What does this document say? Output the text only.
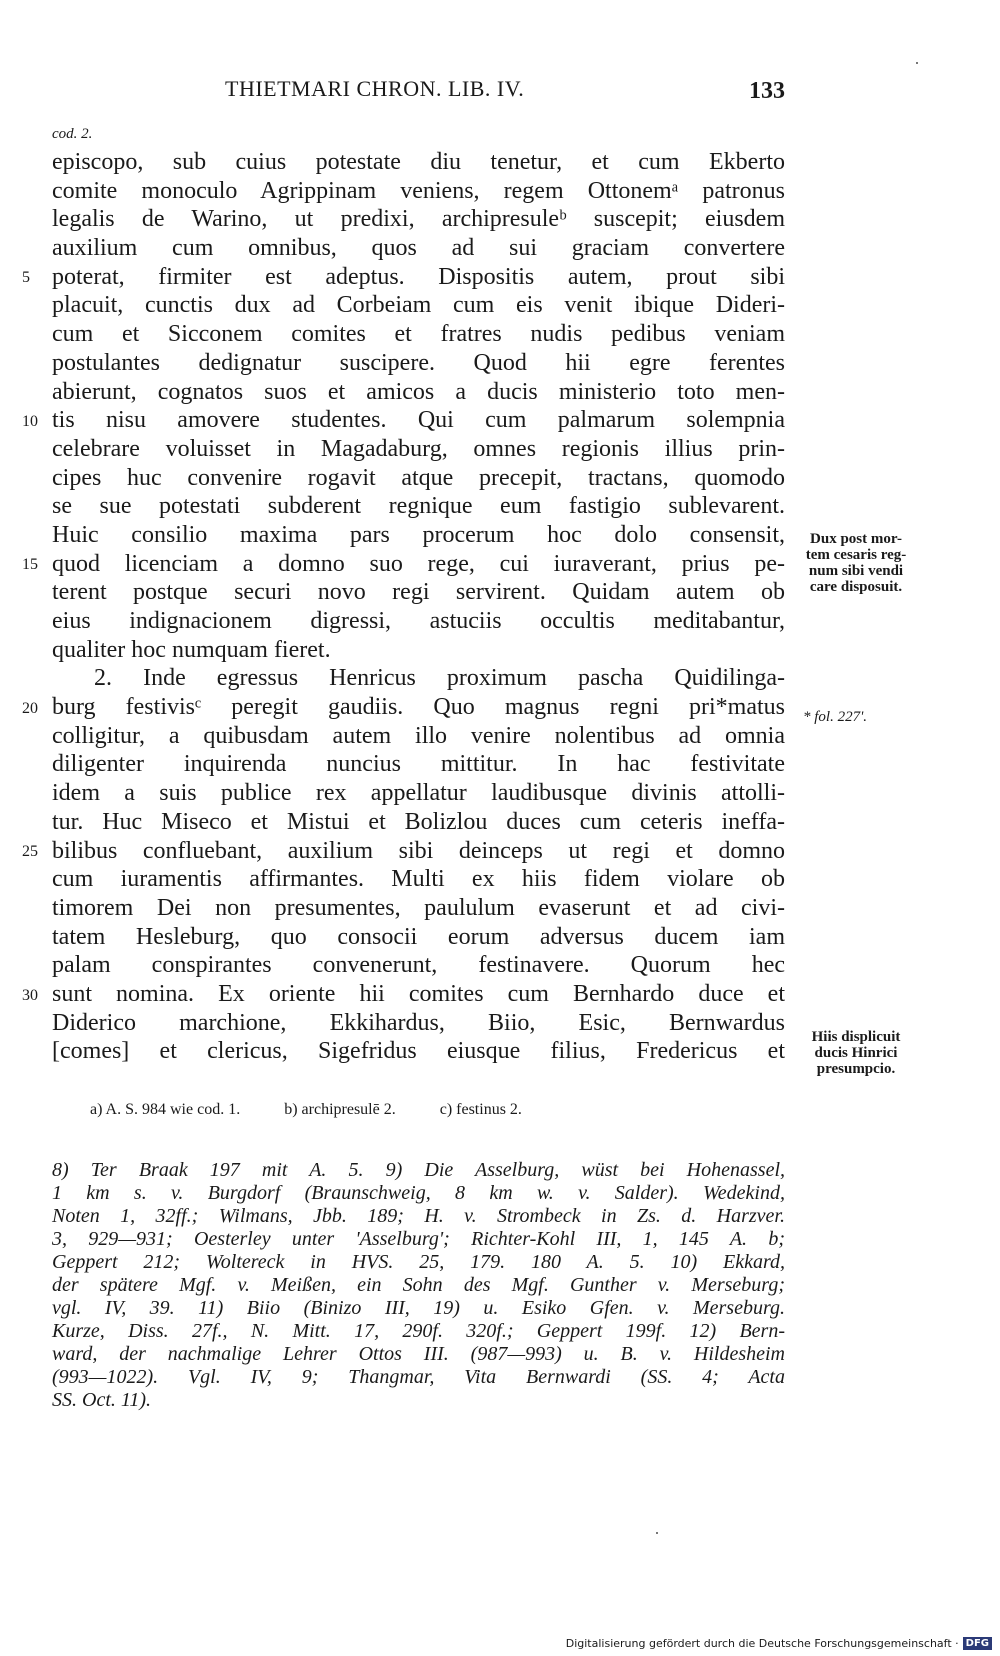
THIETMARI CHRON. LIB. IV.	133
cod. 2.
episcopo, sub cuius potestate diu tenetur, et cum Ekberto
comite monoculo Agrippinam veniens, regem Ottonemᵃ patronus
legalis de Warino, ut predixi, archipresuleᵇ suscepit; eiusdem
auxilium cum omnibus, quos ad sui graciam convertere
poterat, firmiter est adeptus. Dispositis autem, prout sibi
placuit, cunctis dux ad Corbeiam cum eis venit ibique Dideri-
cum et Sicconem comites et fratres nudis pedibus veniam
postulantes dedignatur suscipere. Quod hii egre ferentes
abierunt, cognatos suos et amicos a ducis ministerio toto men-
tis nisu amovere studentes. Qui cum palmarum solempnia
celebrare voluisset in Magadaburg, omnes regionis illius prin-
cipes huc convenire rogavit atque precepit, tractans, quomodo
se sue potestati subderent regnique eum fastigio sublevarent.
Huic consilio maxima pars procerum hoc dolo consensit,
quod licenciam a domno suo rege, cui iuraverant, prius pe-
terent postque securi novo regi servirent. Quidam autem ob
eius indignacionem digressi, astuciis occultis meditabantur,
qualiter hoc numquam fieret.
2. Inde egressus Henricus proximum pascha Quidilinga-
burg festivisᶜ peregit gaudiis. Quo magnus regni pri*matus
colligitur, a quibusdam autem illo venire nolentibus ad omnia
diligenter inquirenda nuncius mittitur. In hac festivitate
idem a suis publice rex appellatur laudibusque divinis attolli-
tur. Huc Miseco et Mistui et Bolizlou duces cum ceteris ineffa-
bilibus confluebant, auxilium sibi deinceps ut regi et domno
cum iuramentis affirmantes. Multi ex hiis fidem violare ob
timorem Dei non presumentes, paululum evaserunt et ad civi-
tatem Hesleburg, quo consocii eorum adversus ducem iam
palam conspirantes convenerunt, festinavere. Quorum hec
sunt nomina. Ex oriente hii comites cum Bernhardo duce et
Diderico marchione, Ekkihardus, Biio, Esic, Bernwardus
[comes] et clericus, Sigefridus eiusque filius, Fredericus et
5
10
15
20
25
30
Dux post mor-
tem cesaris reg-
num sibi vendi
care disposuit.
* fol. 227'.
Hiis displicuit
ducis Hinrici
presumpcio.
a) A. S. 984 wie cod. 1.	b) archipresulē 2.	c) festinus 2.
8) Ter Braak 197 mit A. 5. 9) Die Asselburg, wüst bei Hohenassel,
1 km s. v. Burgdorf (Braunschweig, 8 km w. v. Salder). Wedekind,
Noten 1, 32ff.; Wilmans, Jbb. 189; H. v. Strombeck in Zs. d. Harzver.
3, 929—931; Oesterley unter 'Asselburg'; Richter-Kohl III, 1, 145 A. b;
Geppert 212; Woltereck in HVS. 25, 179. 180 A. 5. 10) Ekkard,
der spätere Mgf. v. Meißen, ein Sohn des Mgf. Gunther v. Merseburg;
vgl. IV, 39. 11) Biio (Binizo III, 19) u. Esiko Gfen. v. Merseburg.
Kurze, Diss. 27f., N. Mitt. 17, 290f. 320f.; Geppert 199f. 12) Bern-
ward, der nachmalige Lehrer Ottos III. (987—993) u. B. v. Hildesheim
(993—1022). Vgl. IV, 9; Thangmar, Vita Bernwardi (SS. 4; Acta
SS. Oct. 11).
Digitalisierung gefördert durch die Deutsche Forschungsgemeinschaft · DFG
